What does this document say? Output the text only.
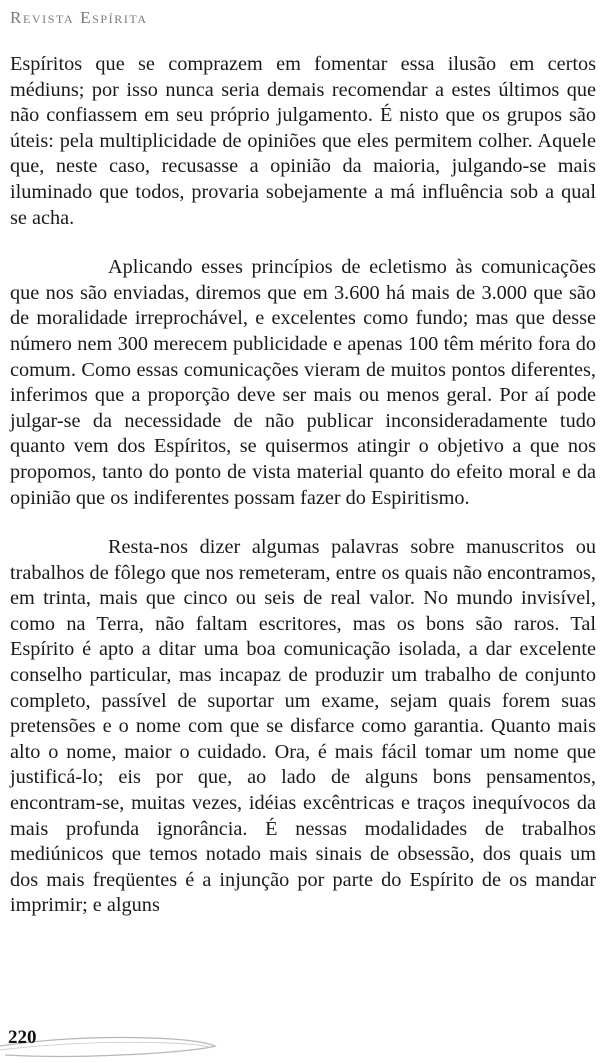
Revista Espírita

Espíritos que se comprazem em fomentar essa ilusão em certos médiuns; por isso nunca seria demais recomendar a estes últimos que não confiassem em seu próprio julgamento. É nisto que os grupos são úteis: pela multiplicidade de opiniões que eles permitem colher. Aquele que, neste caso, recusasse a opinião da maioria, julgando-se mais iluminado que todos, provaria sobejamente a má influência sob a qual se acha.

Aplicando esses princípios de ecletismo às comunicações que nos são enviadas, diremos que em 3.600 há mais de 3.000 que são de moralidade irreprochável, e excelentes como fundo; mas que desse número nem 300 merecem publicidade e apenas 100 têm mérito fora do comum. Como essas comunicações vieram de muitos pontos diferentes, inferimos que a proporção deve ser mais ou menos geral. Por aí pode julgar-se da necessidade de não publicar inconsideradamente tudo quanto vem dos Espíritos, se quisermos atingir o objetivo a que nos propomos, tanto do ponto de vista material quanto do efeito moral e da opinião que os indiferentes possam fazer do Espiritismo.

Resta-nos dizer algumas palavras sobre manuscritos ou trabalhos de fôlego que nos remeteram, entre os quais não encontramos, em trinta, mais que cinco ou seis de real valor. No mundo invisível, como na Terra, não faltam escritores, mas os bons são raros. Tal Espírito é apto a ditar uma boa comunicação isolada, a dar excelente conselho particular, mas incapaz de produzir um trabalho de conjunto completo, passível de suportar um exame, sejam quais forem suas pretensões e o nome com que se disfarce como garantia. Quanto mais alto o nome, maior o cuidado. Ora, é mais fácil tomar um nome que justificá-lo; eis por que, ao lado de alguns bons pensamentos, encontram-se, muitas vezes, idéias excêntricas e traços inequívocos da mais profunda ignorância. É nessas modalidades de trabalhos mediúnicos que temos notado mais sinais de obsessão, dos quais um dos mais freqüentes é a injunção por parte do Espírito de os mandar imprimir; e alguns

220
